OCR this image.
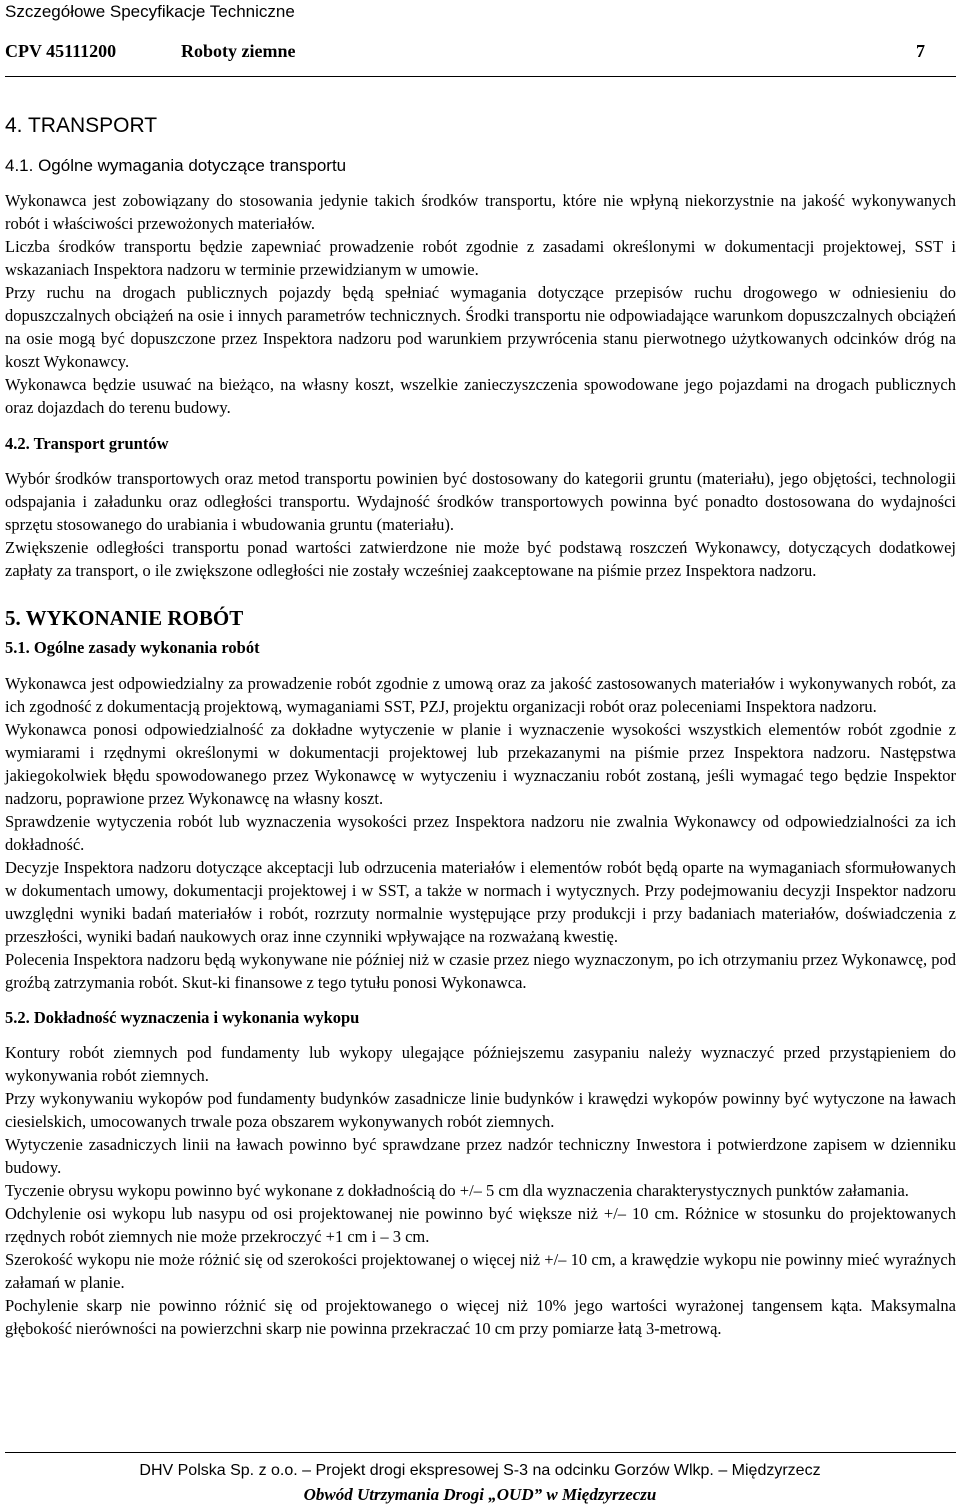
Szczegółowe Specyfikacje Techniczne
CPV 45111200	Roboty ziemne	7
4. TRANSPORT
4.1. Ogólne wymagania dotyczące transportu

Wykonawca jest zobowiązany do stosowania jedynie takich środków transportu, które nie wpłyną niekorzystnie na jakość wykonywanych robót i właściwości przewożonych materiałów.

Liczba środków transportu będzie zapewniać prowadzenie robót zgodnie z zasadami określonymi w dokumentacji projektowej, SST i wskazaniach Inspektora nadzoru w terminie przewidzianym w umowie.

Przy ruchu na drogach publicznych pojazdy będą spełniać wymagania dotyczące przepisów ruchu drogowego w odniesieniu do dopuszczalnych obciążeń na osie i innych parametrów technicznych. Środki transportu nie odpowiadające warunkom dopuszczalnych obciążeń na osie mogą być dopuszczone przez Inspektora nadzoru pod warunkiem przywrócenia stanu pierwotnego użytkowanych odcinków dróg na koszt Wykonawcy.

Wykonawca będzie usuwać na bieżąco, na własny koszt, wszelkie zanieczyszczenia spowodowane jego pojazdami na drogach publicznych oraz dojazdach do terenu budowy.

4.2. Transport gruntów

Wybór środków transportowych oraz metod transportu powinien być dostosowany do kategorii gruntu (materiału), jego objętości, technologii odspajania i załadunku oraz odległości transportu. Wydajność środków transportowych powinna być ponadto dostosowana do wydajności sprzętu stosowanego do urabiania i wbudowania gruntu (materiału).

Zwiększenie odległości transportu ponad wartości zatwierdzone nie może być podstawą roszczeń Wykonawcy, dotyczących dodatkowej zapłaty za transport, o ile zwiększone odległości nie zostały wcześniej zaakceptowane na piśmie przez Inspektora nadzoru.

5. WYKONANIE ROBÓT
5.1. Ogólne zasady wykonania robót

Wykonawca jest odpowiedzialny za prowadzenie robót zgodnie z umową oraz za jakość zastosowanych materiałów i wykonywanych robót, za ich zgodność z dokumentacją projektową, wymaganiami SST, PZJ, projektu organizacji robót oraz poleceniami Inspektora nadzoru.

Wykonawca ponosi odpowiedzialność za dokładne wytyczenie w planie i wyznaczenie wysokości wszystkich elementów robót zgodnie z wymiarami i rzędnymi określonymi w dokumentacji projektowej lub przekazanymi na piśmie przez Inspektora nadzoru. Następstwa jakiegokolwiek błędu spowodowanego przez Wykonawcę w wytyczeniu i wyznaczaniu robót zostaną, jeśli wymagać tego będzie Inspektor nadzoru, poprawione przez Wykonawcę na własny koszt.

Sprawdzenie wytyczenia robót lub wyznaczenia wysokości przez Inspektora nadzoru nie zwalnia Wykonawcy od odpowiedzialności za ich dokładność.

Decyzje Inspektora nadzoru dotyczące akceptacji lub odrzucenia materiałów i elementów robót będą oparte na wymaganiach sformułowanych w dokumentach umowy, dokumentacji projektowej i w SST, a także w normach i wytycznych. Przy podejmowaniu decyzji Inspektor nadzoru uwzględni wyniki badań materiałów i robót, rozrzuty normalnie występujące przy produkcji i przy badaniach materiałów, doświadczenia z przeszłości, wyniki badań naukowych oraz inne czynniki wpływające na rozważaną kwestię.

Polecenia Inspektora nadzoru będą wykonywane nie później niż w czasie przez niego wyznaczonym, po ich otrzymaniu przez Wykonawcę, pod groźbą zatrzymania robót. Skut-ki finansowe z tego tytułu ponosi Wykonawca.

5.2. Dokładność wyznaczenia i wykonania wykopu

Kontury robót ziemnych pod fundamenty lub wykopy ulegające późniejszemu zasypaniu należy wyznaczyć przed przystąpieniem do wykonywania robót ziemnych.

Przy wykonywaniu wykopów pod fundamenty budynków zasadnicze linie budynków i krawędzi wykopów powinny być wytyczone na ławach ciesielskich, umocowanych trwale poza obszarem wykonywanych robót ziemnych.

Wytyczenie zasadniczych linii na ławach powinno być sprawdzane przez nadzór techniczny Inwestora i potwierdzone zapisem w dzienniku budowy.

Tyczenie obrysu wykopu powinno być wykonane z dokładnością do +/– 5 cm dla wyznaczenia charakterystycznych punktów załamania.

Odchylenie osi wykopu lub nasypu od osi projektowanej nie powinno być większe niż +/– 10 cm. Różnice w stosunku do projektowanych rzędnych robót ziemnych nie może przekroczyć +1 cm i – 3 cm.

Szerokość wykopu nie może różnić się od szerokości projektowanej o więcej niż +/– 10 cm, a krawędzie wykopu nie powinny mieć wyraźnych załamań w planie.

Pochylenie skarp nie powinno różnić się od projektowanego o więcej niż 10% jego wartości wyrażonej tangensem kąta. Maksymalna głębokość nierówności na powierzchni skarp nie powinna przekraczać 10 cm przy pomiarze łatą 3-metrową.

DHV Polska Sp. z o.o. – Projekt drogi ekspresowej S-3 na odcinku Gorzów Wlkp. – Międzyrzecz
Obwód Utrzymania Drogi „OUD” w Międzyrzeczu
